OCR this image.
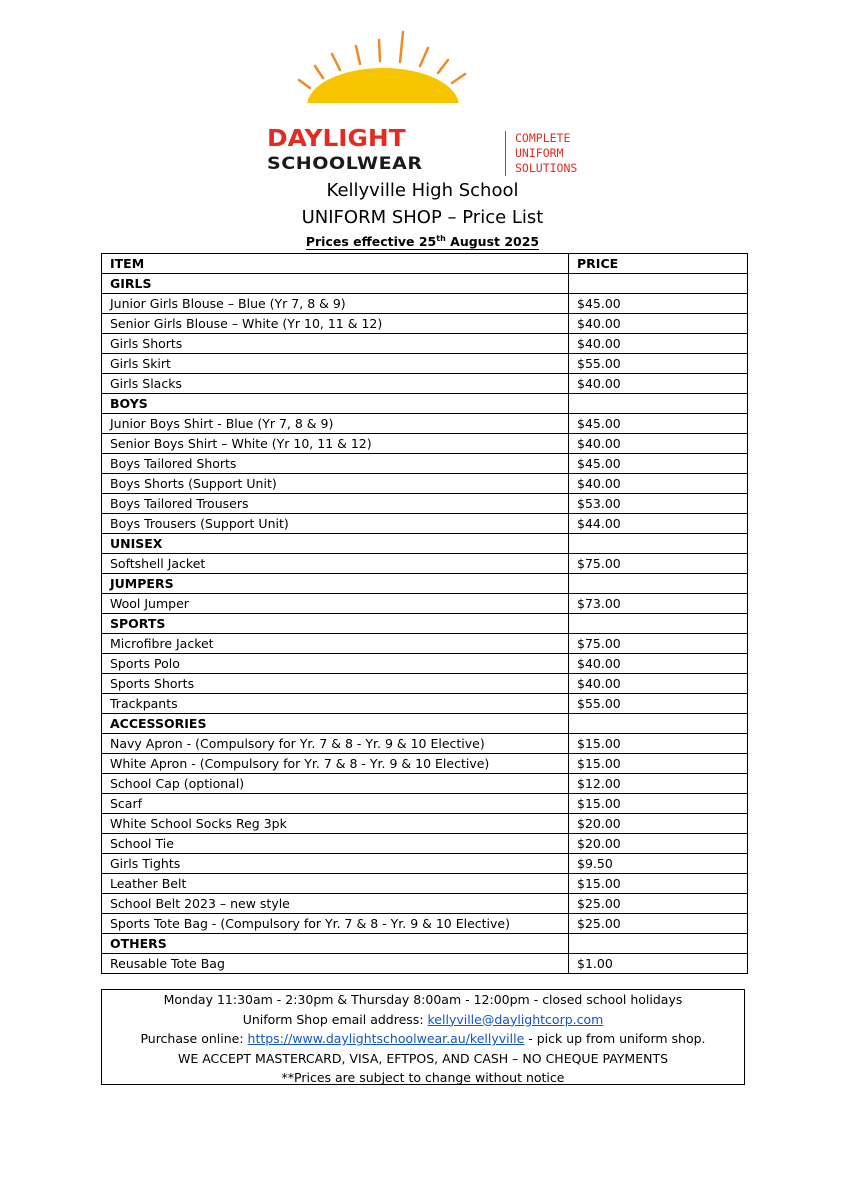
DAYLIGHT
SCHOOLWEAR
COMPLETE
UNIFORM
SOLUTIONS
Kellyville High School
UNIFORM SHOP – Price List
Prices effective 25th August 2025
ITEM	PRICE
GIRLS	
Junior Girls Blouse – Blue (Yr 7, 8 & 9)	$45.00
Senior Girls Blouse – White (Yr 10, 11 & 12)	$40.00
Girls Shorts	$40.00
Girls Skirt	$55.00
Girls Slacks	$40.00
BOYS	
Junior Boys Shirt - Blue (Yr 7, 8 & 9)	$45.00
Senior Boys Shirt – White (Yr 10, 11 & 12)	$40.00
Boys Tailored Shorts	$45.00
Boys Shorts (Support Unit)	$40.00
Boys Tailored Trousers	$53.00
Boys Trousers (Support Unit)	$44.00
UNISEX	
Softshell Jacket	$75.00
JUMPERS	
Wool Jumper	$73.00
SPORTS	
Microfibre Jacket	$75.00
Sports Polo	$40.00
Sports Shorts	$40.00
Trackpants	$55.00
ACCESSORIES	
Navy Apron - (Compulsory for Yr. 7 & 8 - Yr. 9 & 10 Elective)	$15.00
White Apron - (Compulsory for Yr. 7 & 8 - Yr. 9 & 10 Elective)	$15.00
School Cap (optional)	$12.00
Scarf	$15.00
White School Socks Reg 3pk	$20.00
School Tie	$20.00
Girls Tights	$9.50
Leather Belt	$15.00
School Belt 2023 – new style	$25.00
Sports Tote Bag - (Compulsory for Yr. 7 & 8 - Yr. 9 & 10 Elective)	$25.00
OTHERS	
Reusable Tote Bag	$1.00
Monday 11:30am - 2:30pm & Thursday 8:00am - 12:00pm - closed school holidays
Uniform Shop email address: kellyville@daylightcorp.com
Purchase online: https://www.daylightschoolwear.au/kellyville - pick up from uniform shop.
WE ACCEPT MASTERCARD, VISA, EFTPOS, AND CASH – NO CHEQUE PAYMENTS
**Prices are subject to change without notice
